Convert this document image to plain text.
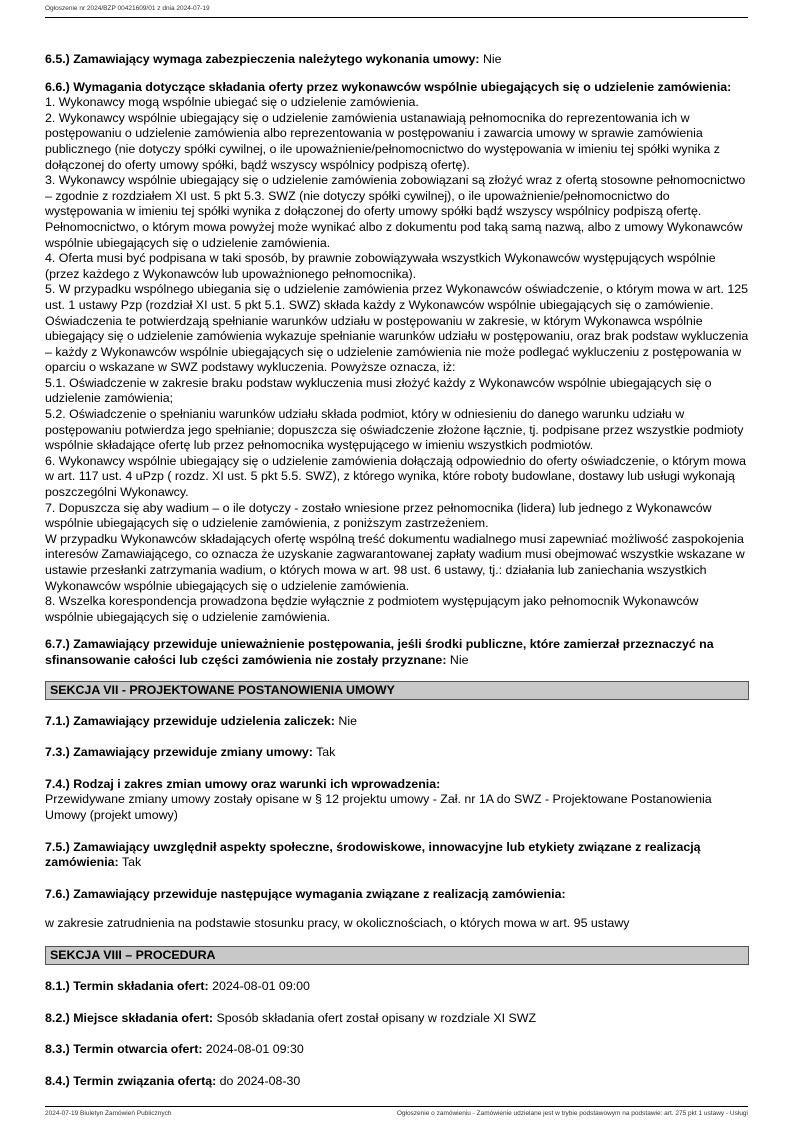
Ogłoszenie nr 2024/BZP 00421609/01 z dnia 2024-07-19

6.5.) Zamawiający wymaga zabezpieczenia należytego wykonania umowy: Nie

6.6.) Wymagania dotyczące składania oferty przez wykonawców wspólnie ubiegających się o udzielenie zamówienia:

1. Wykonawcy mogą wspólnie ubiegać się o udzielenie zamówienia.

2. Wykonawcy wspólnie ubiegający się o udzielenie zamówienia ustanawiają pełnomocnika do reprezentowania ich w postępowaniu o udzielenie zamówienia albo reprezentowania w postępowaniu i zawarcia umowy w sprawie zamówienia publicznego (nie dotyczy spółki cywilnej, o ile upoważnienie/pełnomocnictwo do występowania w imieniu tej spółki wynika z dołączonej do oferty umowy spółki, bądź wszyscy wspólnicy podpiszą ofertę).

3. Wykonawcy wspólnie ubiegający się o udzielenie zamówienia zobowiązani są złożyć wraz z ofertą stosowne pełnomocnictwo – zgodnie z rozdziałem XI ust. 5 pkt 5.3. SWZ (nie dotyczy spółki cywilnej), o ile upoważnienie/pełnomocnictwo do występowania w imieniu tej spółki wynika z dołączonej do oferty umowy spółki bądź wszyscy wspólnicy podpiszą ofertę.

Pełnomocnictwo, o którym mowa powyżej może wynikać albo z dokumentu pod taką samą nazwą, albo z umowy Wykonawców wspólnie ubiegających się o udzielenie zamówienia.

4. Oferta musi być podpisana w taki sposób, by prawnie zobowiązywała wszystkich Wykonawców występujących wspólnie (przez każdego z Wykonawców lub upoważnionego pełnomocnika).

5. W przypadku wspólnego ubiegania się o udzielenie zamówienia przez Wykonawców oświadczenie, o którym mowa w art. 125 ust. 1 ustawy Pzp (rozdział XI ust. 5 pkt 5.1. SWZ) składa każdy z Wykonawców wspólnie ubiegających się o zamówienie. Oświadczenia te potwierdzają spełnianie warunków udziału w postępowaniu w zakresie, w którym Wykonawca wspólnie ubiegający się o udzielenie zamówienia wykazuje spełnianie warunków udziału w postępowaniu, oraz brak podstaw wykluczenia – każdy z Wykonawców wspólnie ubiegających się o udzielenie zamówienia nie może podlegać wykluczeniu z postępowania w oparciu o wskazane w SWZ podstawy wykluczenia. Powyższe oznacza, iż:

5.1. Oświadczenie w zakresie braku podstaw wykluczenia musi złożyć każdy z Wykonawców wspólnie ubiegających się o udzielenie zamówienia;

5.2. Oświadczenie o spełnianiu warunków udziału składa podmiot, który w odniesieniu do danego warunku udziału w postępowaniu potwierdza jego spełnianie; dopuszcza się oświadczenie złożone łącznie, tj. podpisane przez wszystkie podmioty wspólnie składające ofertę lub przez pełnomocnika występującego w imieniu wszystkich podmiotów.

6. Wykonawcy wspólnie ubiegający się o udzielenie zamówienia dołączają odpowiednio do oferty oświadczenie, o którym mowa w art. 117 ust. 4 uPzp ( rozdz. XI ust. 5 pkt 5.5. SWZ), z którego wynika, które roboty budowlane, dostawy lub usługi wykonają poszczególni Wykonawcy.

7. Dopuszcza się aby wadium – o ile dotyczy - zostało wniesione przez pełnomocnika (lidera) lub jednego z Wykonawców wspólnie ubiegających się o udzielenie zamówienia, z poniższym zastrzeżeniem.

W przypadku Wykonawców składających ofertę wspólną treść dokumentu wadialnego musi zapewniać możliwość zaspokojenia interesów Zamawiającego, co oznacza że uzyskanie zagwarantowanej zapłaty wadium musi obejmować wszystkie wskazane w ustawie przesłanki zatrzymania wadium, o których mowa w art. 98 ust. 6 ustawy, tj.: działania lub zaniechania wszystkich Wykonawców wspólnie ubiegających się o udzielenie zamówienia.

8. Wszelka korespondencja prowadzona będzie wyłącznie z podmiotem występującym jako pełnomocnik Wykonawców wspólnie ubiegających się o udzielenie zamówienia.

6.7.) Zamawiający przewiduje unieważnienie postępowania, jeśli środki publiczne, które zamierzał przeznaczyć na sfinansowanie całości lub części zamówienia nie zostały przyznane: Nie

SEKCJA VII - PROJEKTOWANE POSTANOWIENIA UMOWY

7.1.) Zamawiający przewiduje udzielenia zaliczek: Nie

7.3.) Zamawiający przewiduje zmiany umowy: Tak

7.4.) Rodzaj i zakres zmian umowy oraz warunki ich wprowadzenia:

Przewidywane zmiany umowy zostały opisane w § 12 projektu umowy - Zał. nr 1A do SWZ - Projektowane Postanowienia Umowy (projekt umowy)

7.5.) Zamawiający uwzględnił aspekty społeczne, środowiskowe, innowacyjne lub etykiety związane z realizacją zamówienia: Tak

7.6.) Zamawiający przewiduje następujące wymagania związane z realizacją zamówienia:

w zakresie zatrudnienia na podstawie stosunku pracy, w okolicznościach, o których mowa w art. 95 ustawy

SEKCJA VIII – PROCEDURA

8.1.) Termin składania ofert: 2024-08-01 09:00

8.2.) Miejsce składania ofert: Sposób składania ofert został opisany w rozdziale XI SWZ

8.3.) Termin otwarcia ofert: 2024-08-01 09:30

8.4.) Termin związania ofertą: do 2024-08-30

2024-07-19 Biuletyn Zamówień Publicznych	Ogłoszenie o zamówieniu - Zamówienie udzielane jest w trybie podstawowym na podstawie: art. 275 pkt 1 ustawy - Usługi
